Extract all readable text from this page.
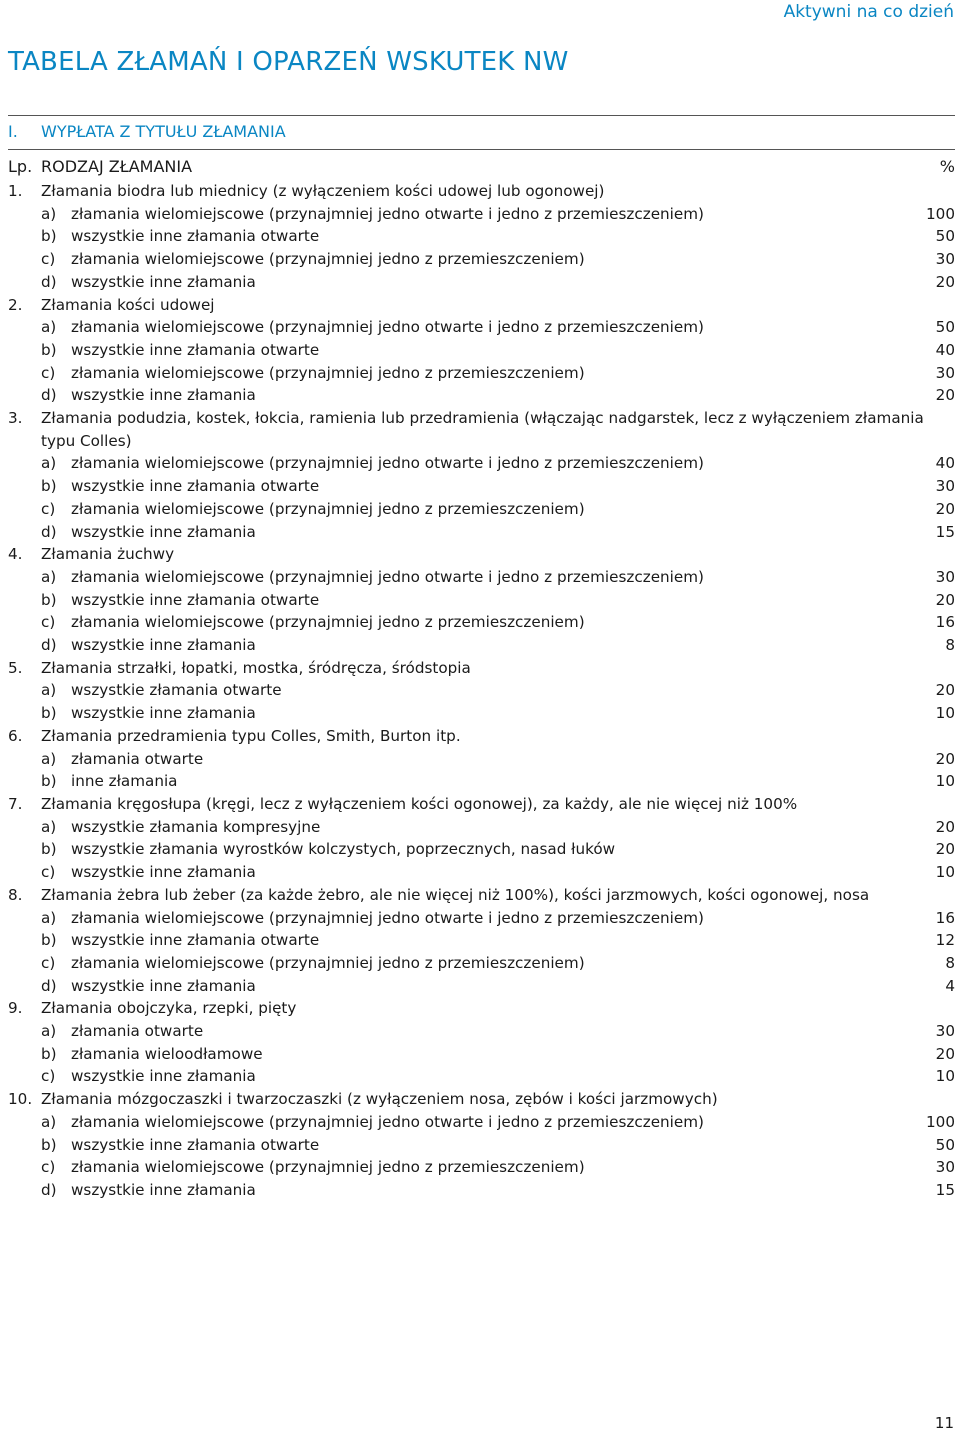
Aktywni na co dzień
TABELA ZŁAMAŃ I OPARZEŃ WSKUTEK NW
I. WYPŁATA Z TYTUŁU ZŁAMANIA
Lp. RODZAJ ZŁAMANIA	%
1.	Złamania biodra lub miednicy (z wyłączeniem kości udowej lub ogonowej)
a) złamania wielomiejscowe (przynajmniej jedno otwarte i jedno z przemieszczeniem)	100
b) wszystkie inne złamania otwarte	50
c)	złamania wielomiejscowe (przynajmniej jedno z przemieszczeniem)	30
d) wszystkie inne złamania	20
2.	Złamania kości udowej
a) złamania wielomiejscowe (przynajmniej jedno otwarte i jedno z przemieszczeniem)	50
b) wszystkie inne złamania otwarte	40
c)	złamania wielomiejscowe (przynajmniej jedno z przemieszczeniem)	30
d) wszystkie inne złamania	20
3.	Złamania podudzia, kostek, łokcia, ramienia lub przedramienia (włączając nadgarstek, lecz z wyłączeniem złamania typu Colles)
a) złamania wielomiejscowe (przynajmniej jedno otwarte i jedno z przemieszczeniem)	40
b) wszystkie inne złamania otwarte	30
c)	złamania wielomiejscowe (przynajmniej jedno z przemieszczeniem)	20
d) wszystkie inne złamania	15
4.	Złamania żuchwy
a) złamania wielomiejscowe (przynajmniej jedno otwarte i jedno z przemieszczeniem)	30
b) wszystkie inne złamania otwarte	20
c)	złamania wielomiejscowe (przynajmniej jedno z przemieszczeniem)	16
d) wszystkie inne złamania	8
5.	Złamania strzałki, łopatki, mostka, śródręcza, śródstopia
a) wszystkie złamania otwarte	20
b) wszystkie inne złamania	10
6.	Złamania przedramienia typu Colles, Smith, Burton itp.
a) złamania otwarte	20
b) inne złamania	10
7.	Złamania kręgosłupa (kręgi, lecz z wyłączeniem kości ogonowej), za każdy, ale nie więcej niż 100%
a) wszystkie złamania kompresyjne	20
b) wszystkie złamania wyrostków kolczystych, poprzecznych, nasad łuków	20
c)	wszystkie inne złamania	10
8.	Złamania żebra lub żeber (za każde żebro, ale nie więcej niż 100%), kości jarzmowych, kości ogonowej, nosa
a) złamania wielomiejscowe (przynajmniej jedno otwarte i jedno z przemieszczeniem)	16
b) wszystkie inne złamania otwarte	12
c)	złamania wielomiejscowe (przynajmniej jedno z przemieszczeniem)	8
d) wszystkie inne złamania	4
9.	Złamania obojczyka, rzepki, pięty
a) złamania otwarte	30
b) złamania wieloodłamowe	20
c)	wszystkie inne złamania	10
10. Złamania mózgoczaszki i twarzoczaszki (z wyłączeniem nosa, zębów i kości jarzmowych)
a) złamania wielomiejscowe (przynajmniej jedno otwarte i jedno z przemieszczeniem)	100
b) wszystkie inne złamania otwarte	50
c)	złamania wielomiejscowe (przynajmniej jedno z przemieszczeniem)	30
d) wszystkie inne złamania	15
11
